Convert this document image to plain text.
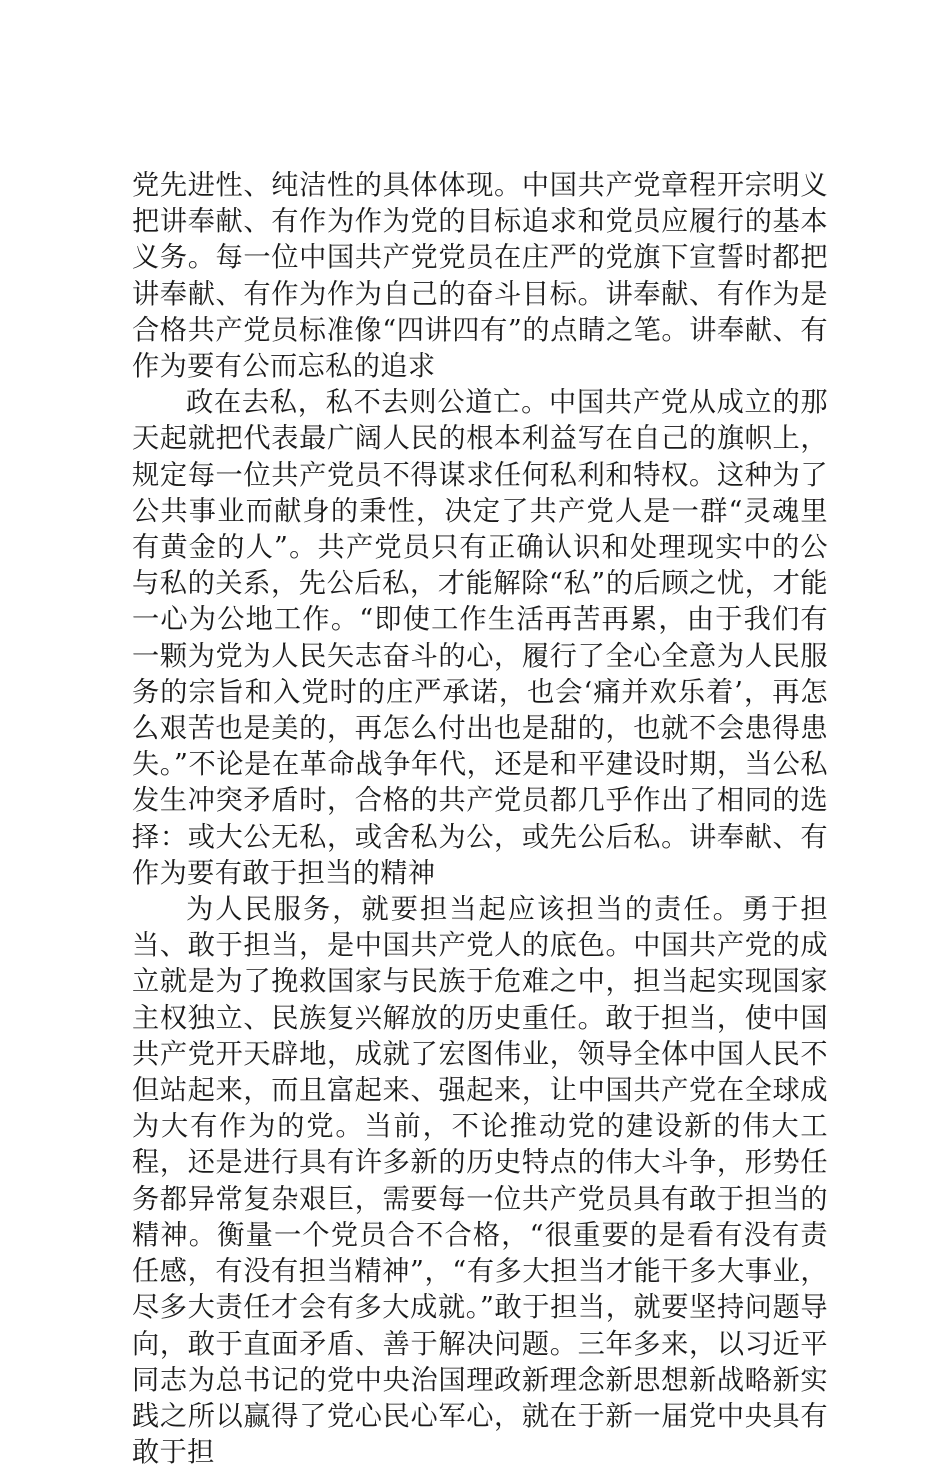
党先进性、纯洁性的具体体现。中国共产党章程开宗明义把讲奉献、有作为作为党的目标追求和党员应履行的基本义务。每一位中国共产党党员在庄严的党旗下宣誓时都把讲奉献、有作为作为自己的奋斗目标。讲奉献、有作为是合格共产党员标准像“四讲四有”的点睛之笔。讲奉献、有作为要有公而忘私的追求

政在去私，私不去则公道亡。中国共产党从成立的那天起就把代表最广阔人民的根本利益写在自己的旗帜上，规定每一位共产党员不得谋求任何私利和特权。这种为了公共事业而献身的秉性，决定了共产党人是一群“灵魂里有黄金的人”。共产党员只有正确认识和处理现实中的公与私的关系，先公后私，才能解除“私”的后顾之忧，才能一心为公地工作。“即使工作生活再苦再累，由于我们有一颗为党为人民矢志奋斗的心，履行了全心全意为人民服务的宗旨和入党时的庄严承诺，也会‘痛并欢乐着’，再怎么艰苦也是美的，再怎么付出也是甜的，也就不会患得患失。”不论是在革命战争年代，还是和平建设时期，当公私发生冲突矛盾时，合格的共产党员都几乎作出了相同的选择：或大公无私，或舍私为公，或先公后私。讲奉献、有作为要有敢于担当的精神

为人民服务，就要担当起应该担当的责任。勇于担当、敢于担当，是中国共产党人的底色。中国共产党的成立就是为了挽救国家与民族于危难之中，担当起实现国家主权独立、民族复兴解放的历史重任。敢于担当，使中国共产党开天辟地，成就了宏图伟业，领导全体中国人民不但站起来，而且富起来、强起来，让中国共产党在全球成为大有作为的党。当前，不论推动党的建设新的伟大工程，还是进行具有许多新的历史特点的伟大斗争，形势任务都异常复杂艰巨，需要每一位共产党员具有敢于担当的精神。衡量一个党员合不合格，“很重要的是看有没有责任感，有没有担当精神”，“有多大担当才能干多大事业，尽多大责任才会有多大成就。”敢于担当，就要坚持问题导向，敢于直面矛盾、善于解决问题。三年多来，以习近平同志为总书记的党中央治国理政新理念新思想新战略新实践之所以赢得了党心民心军心，就在于新一届党中央具有敢于担
